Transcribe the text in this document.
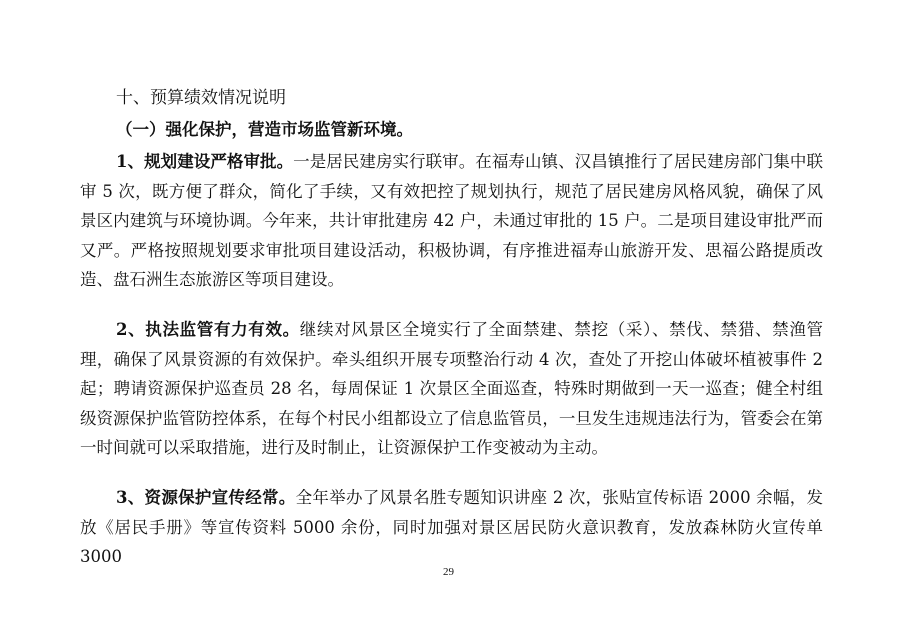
十、预算绩效情况说明
（一）强化保护，营造市场监管新环境。

1、规划建设严格审批。一是居民建房实行联审。在福寿山镇、汉昌镇推行了居民建房部门集中联审 5 次，既方便了群众，简化了手续，又有效把控了规划执行，规范了居民建房风格风貌，确保了风景区内建筑与环境协调。今年来，共计审批建房 42 户，未通过审批的 15 户。二是项目建设审批严而又严。严格按照规划要求审批项目建设活动，积极协调，有序推进福寿山旅游开发、思福公路提质改造、盘石洲生态旅游区等项目建设。

2、执法监管有力有效。继续对风景区全境实行了全面禁建、禁挖（采）、禁伐、禁猎、禁渔管理，确保了风景资源的有效保护。牵头组织开展专项整治行动 4 次，查处了开挖山体破坏植被事件 2 起；聘请资源保护巡查员 28 名，每周保证 1 次景区全面巡查，特殊时期做到一天一巡查；健全村组级资源保护监管防控体系，在每个村民小组都设立了信息监管员，一旦发生违规违法行为，管委会在第一时间就可以采取措施，进行及时制止，让资源保护工作变被动为主动。

3、资源保护宣传经常。全年举办了风景名胜专题知识讲座 2 次，张贴宣传标语 2000 余幅，发放《居民手册》等宣传资料 5000 余份，同时加强对景区居民防火意识教育，发放森林防火宣传单 3000

29
